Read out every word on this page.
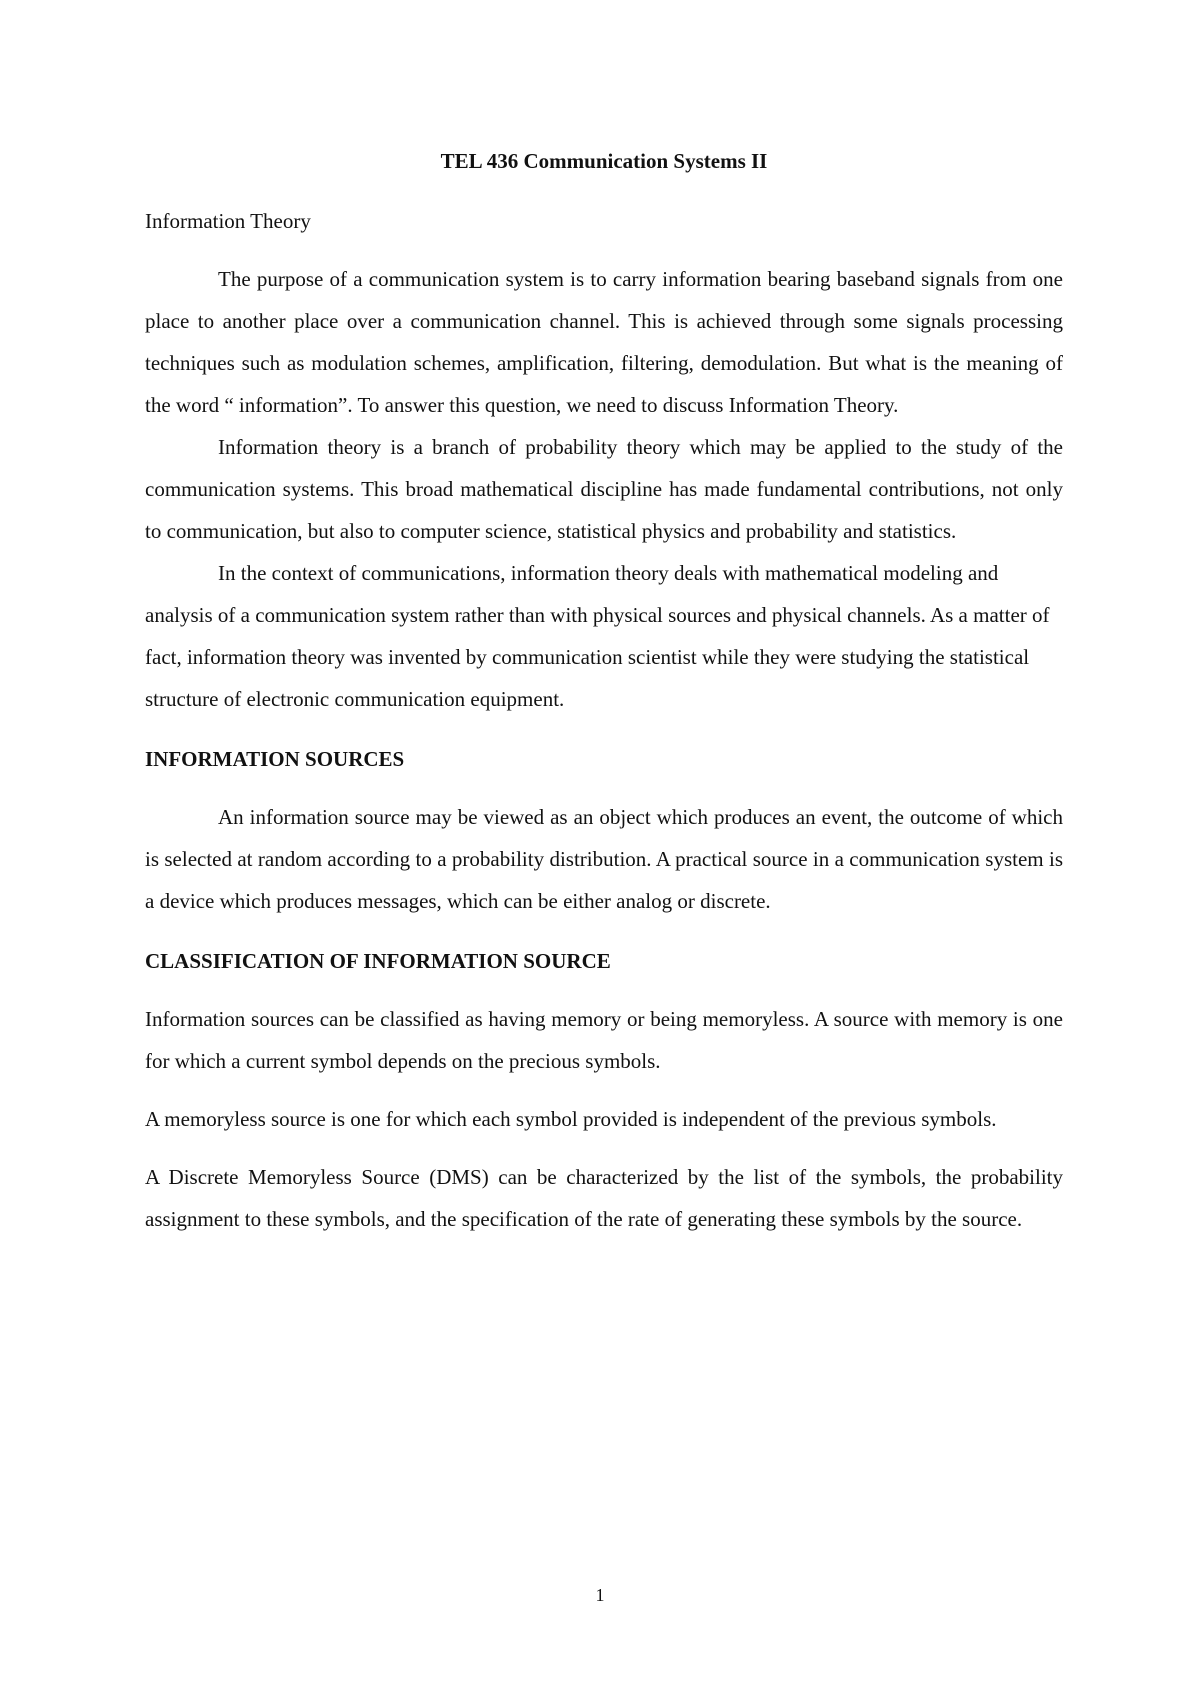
TEL 436 Communication Systems II

Information Theory

The purpose of a communication system is to carry information bearing baseband signals from one place to another place over a communication channel. This is achieved through some signals processing techniques such as modulation schemes, amplification, filtering, demodulation. But what is the meaning of the word “ information”. To answer this question, we need to discuss Information Theory.

Information theory is a branch of probability theory which may be applied to the study of the communication systems. This broad mathematical discipline has made fundamental contributions, not only to communication, but also to computer science, statistical physics and probability and statistics.

In the context of communications, information theory deals with mathematical modeling and analysis of a communication system rather than with physical sources and physical channels. As a matter of fact, information theory was invented by communication scientist while they were studying the statistical structure of electronic communication equipment.

INFORMATION SOURCES

An information source may be viewed as an object which produces an event, the outcome of which is selected at random according to a probability distribution. A practical source in a communication system is a device which produces messages, which can be either analog or discrete.

CLASSIFICATION OF INFORMATION SOURCE

Information sources can be classified as having memory or being memoryless. A source with memory is one for which a current symbol depends on the precious symbols.

A memoryless source is one for which each symbol provided is independent of the previous symbols.

A Discrete Memoryless Source (DMS) can be characterized by the list of the symbols, the probability assignment to these symbols, and the specification of the rate of generating these symbols by the source.

1
